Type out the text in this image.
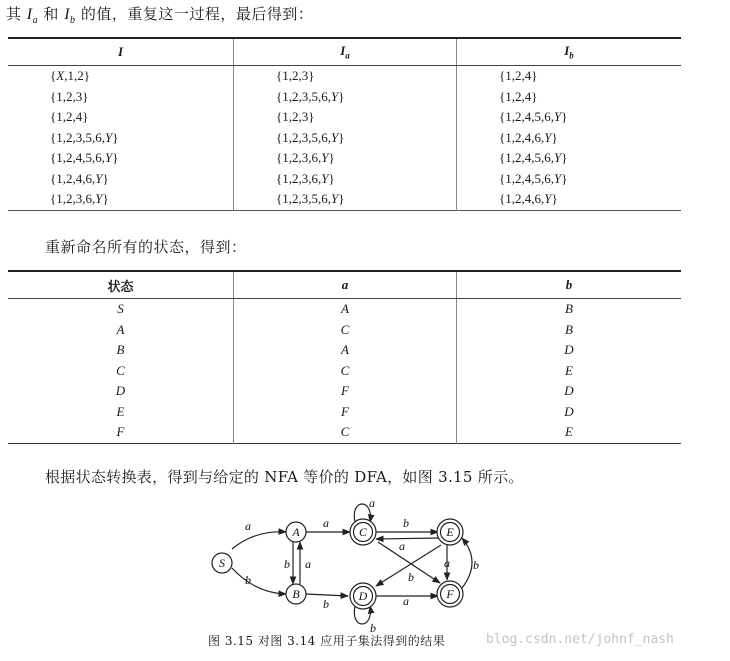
其 $I_a$ 和 $I_b$ 的值，重复这一过程，最后得到：
I	$I_a$	$I_b$
{X,1,2}	{1,2,3}	{1,2,4}
{1,2,3}	{1,2,3,5,6,Y}	{1,2,4}
{1,2,4}	{1,2,3}	{1,2,4,5,6,Y}
{1,2,3,5,6,Y}	{1,2,3,5,6,Y}	{1,2,4,6,Y}
{1,2,4,5,6,Y}	{1,2,3,6,Y}	{1,2,4,5,6,Y}
{1,2,4,6,Y}	{1,2,3,6,Y}	{1,2,4,5,6,Y}
{1,2,3,6,Y}	{1,2,3,5,6,Y}	{1,2,4,6,Y}
重新命名所有的状态，得到：
状态	a	b
S	A	B
A	C	B
B	A	D
C	C	E
D	F	D
E	F	D
F	C	E
根据状态转换表，得到与给定的 NFA 等价的 DFA，如图 3.15 所示。
S
A
B
C
D
E
F
a
b
a
a
b
b a
a
b
a b
b
b
a
图 3.15 对图 3.14 应用子集法得到的结果	blog.csdn.net/johnf_nash
